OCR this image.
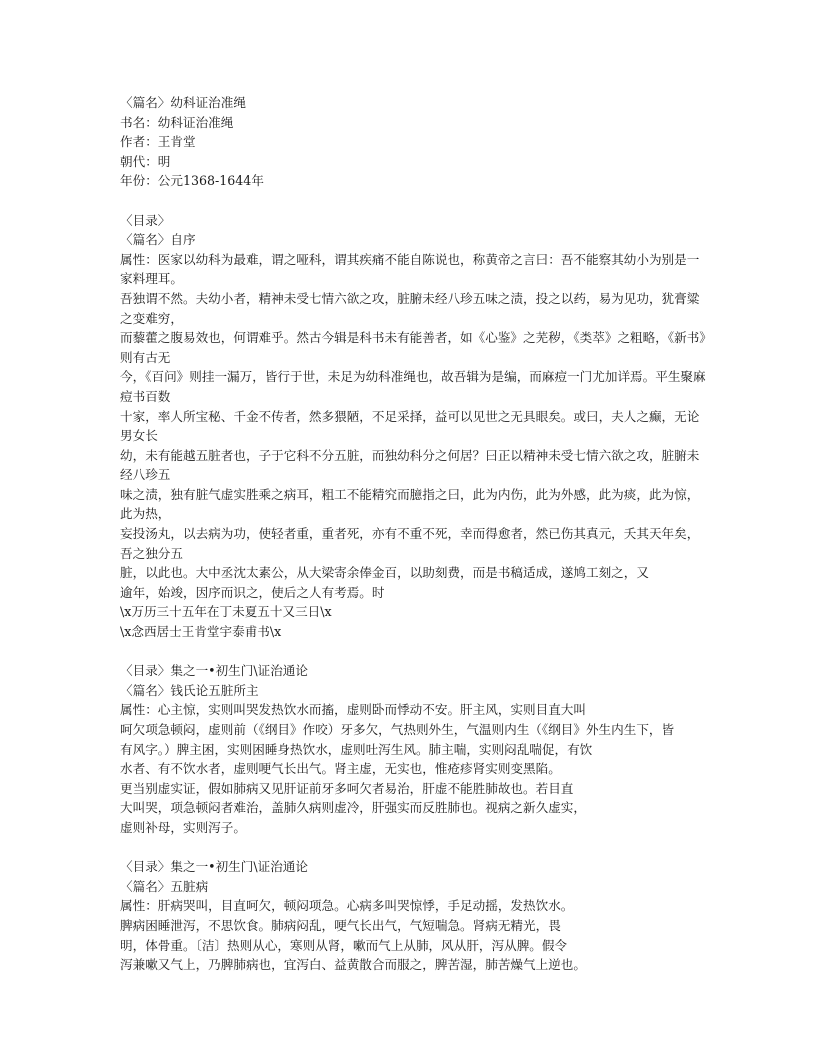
〈篇名〉幼科证治准绳
书名：幼科证治准绳
作者：王肯堂
朝代：明
年份：公元1368-1644年
〈目录〉
〈篇名〉自序
属性：医家以幼科为最难，谓之哑科，谓其疾痛不能自陈说也，称黄帝之言曰：吾不能察其幼小为别是一家料理耳。
吾独谓不然。夫幼小者，精神未受七情六欲之攻，脏腑未经八珍五味之渍，投之以药，易为见功，犹膏粱之变难穷，
而藜藿之腹易效也，何谓难乎。然古今辑是科书未有能善者，如《心鉴》之芜秽，《类萃》之粗略，《新书》则有古无
今，《百问》则挂一漏万，皆行于世，未足为幼科准绳也，故吾辑为是编，而麻痘一门尤加详焉。平生聚麻痘书百数
十家，率人所宝秘、千金不传者，然多猥陋，不足采择，益可以见世之无具眼矣。或曰，夫人之癫，无论男女长
幼，未有能越五脏者也，子于它科不分五脏，而独幼科分之何居？曰正以精神未受七情六欲之攻，脏腑未经八珍五
味之渍，独有脏气虚实胜乘之病耳，粗工不能精究而臆指之曰，此为内伤，此为外感，此为痰，此为惊，此为热，
妄投汤丸，以去病为功，使轻者重，重者死，亦有不重不死，幸而得愈者，然已伤其真元，夭其天年矣，吾之独分五
脏，以此也。大中丞沈太素公，从大梁寄余俸金百，以助刻费，而是书稿适成，遂鸠工刻之，又
逾年，始竣，因序而识之，使后之人有考焉。时
\x万历三十五年在丁未夏五十又三日\x
\x念西居士王肯堂宇泰甫书\x
〈目录〉集之一•初生门\证治通论
〈篇名〉钱氏论五脏所主
属性：心主惊，实则叫哭发热饮水而搐，虚则卧而悸动不安。肝主风，实则目直大叫
呵欠项急顿闷，虚则前（《纲目》作咬）牙多欠，气热则外生，气温则内生（《纲目》外生内生下，皆
有风字。）脾主困，实则困睡身热饮水，虚则吐泻生风。肺主喘，实则闷乱喘促，有饮
水者、有不饮水者，虚则哽气长出气。肾主虚，无实也，惟疮疹肾实则变黑陷。
更当别虚实证，假如肺病又见肝证前牙多呵欠者易治，肝虚不能胜肺故也。若目直
大叫哭，项急顿闷者难治，盖肺久病则虚冷，肝强实而反胜肺也。视病之新久虚实，
虚则补母，实则泻子。
〈目录〉集之一•初生门\证治通论
〈篇名〉五脏病
属性：肝病哭叫，目直呵欠，顿闷项急。心病多叫哭惊悸，手足动摇，发热饮水。
脾病困睡泄泻，不思饮食。肺病闷乱，哽气长出气，气短喘急。肾病无精光，畏
明，体骨重。〔洁〕热则从心，寒则从肾，嗽而气上从肺，风从肝，泻从脾。假令
泻兼嗽又气上，乃脾肺病也，宜泻白、益黄散合而服之，脾苦湿，肺苦燥气上逆也。
